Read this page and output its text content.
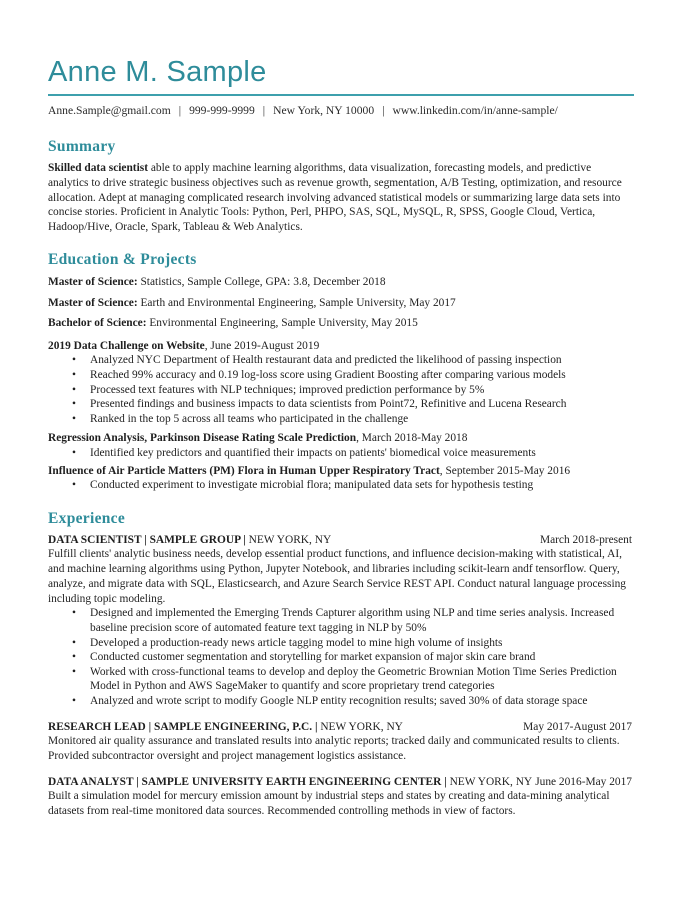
Anne M. Sample
Anne.Sample@gmail.com | 999-999-9999 | New York, NY 10000 | www.linkedin.com/in/anne-sample/
Summary

Skilled data scientist able to apply machine learning algorithms, data visualization, forecasting models, and predictive analytics to drive strategic business objectives such as revenue growth, segmentation, A/B Testing, optimization, and resource allocation. Adept at managing complicated research involving advanced statistical models or summarizing large data sets into concise stories. Proficient in Analytic Tools: Python, Perl, PHPO, SAS, SQL, MySQL, R, SPSS, Google Cloud, Vertica, Hadoop/Hive, Oracle, Spark, Tableau & Web Analytics.

Education & Projects
Master of Science: Statistics, Sample College, GPA: 3.8, December 2018
Master of Science: Earth and Environmental Engineering, Sample University, May 2017
Bachelor of Science: Environmental Engineering, Sample University, May 2015
2019 Data Challenge on Website, June 2019-August 2019
• Analyzed NYC Department of Health restaurant data and predicted the likelihood of passing inspection
• Reached 99% accuracy and 0.19 log-loss score using Gradient Boosting after comparing various models
• Processed text features with NLP techniques; improved prediction performance by 5%
• Presented findings and business impacts to data scientists from Point72, Refinitive and Lucena Research
• Ranked in the top 5 across all teams who participated in the challenge
Regression Analysis, Parkinson Disease Rating Scale Prediction, March 2018-May 2018
• Identified key predictors and quantified their impacts on patients' biomedical voice measurements
Influence of Air Particle Matters (PM) Flora in Human Upper Respiratory Tract, September 2015-May 2016
• Conducted experiment to investigate microbial flora; manipulated data sets for hypothesis testing
Experience
DATA SCIENTIST | SAMPLE GROUP | NEW YORK, NY	March 2018-present

Fulfill clients' analytic business needs, develop essential product functions, and influence decision-making with statistical, AI, and machine learning algorithms using Python, Jupyter Notebook, and libraries including scikit-learn andf tensorflow. Query, analyze, and migrate data with SQL, Elasticsearch, and Azure Search Service REST API. Conduct natural language processing including topic modeling.

• Designed and implemented the Emerging Trends Capturer algorithm using NLP and time series analysis. Increased baseline precision score of automated feature text tagging in NLP by 50%
• Developed a production-ready news article tagging model to mine high volume of insights
• Conducted customer segmentation and storytelling for market expansion of major skin care brand
• Worked with cross-functional teams to develop and deploy the Geometric Brownian Motion Time Series Prediction Model in Python and AWS SageMaker to quantify and score proprietary trend categories
• Analyzed and wrote script to modify Google NLP entity recognition results; saved 30% of data storage space
RESEARCH LEAD | SAMPLE ENGINEERING, P.C. | NEW YORK, NY	May 2017-August 2017

Monitored air quality assurance and translated results into analytic reports; tracked daily and communicated results to clients. Provided subcontractor oversight and project management logistics assistance.

DATA ANALYST | SAMPLE UNIVERSITY EARTH ENGINEERING CENTER | NEW YORK, NY June 2016-May 2017

Built a simulation model for mercury emission amount by industrial steps and states by creating and data-mining analytical datasets from real-time monitored data sources. Recommended controlling methods in view of factors.
